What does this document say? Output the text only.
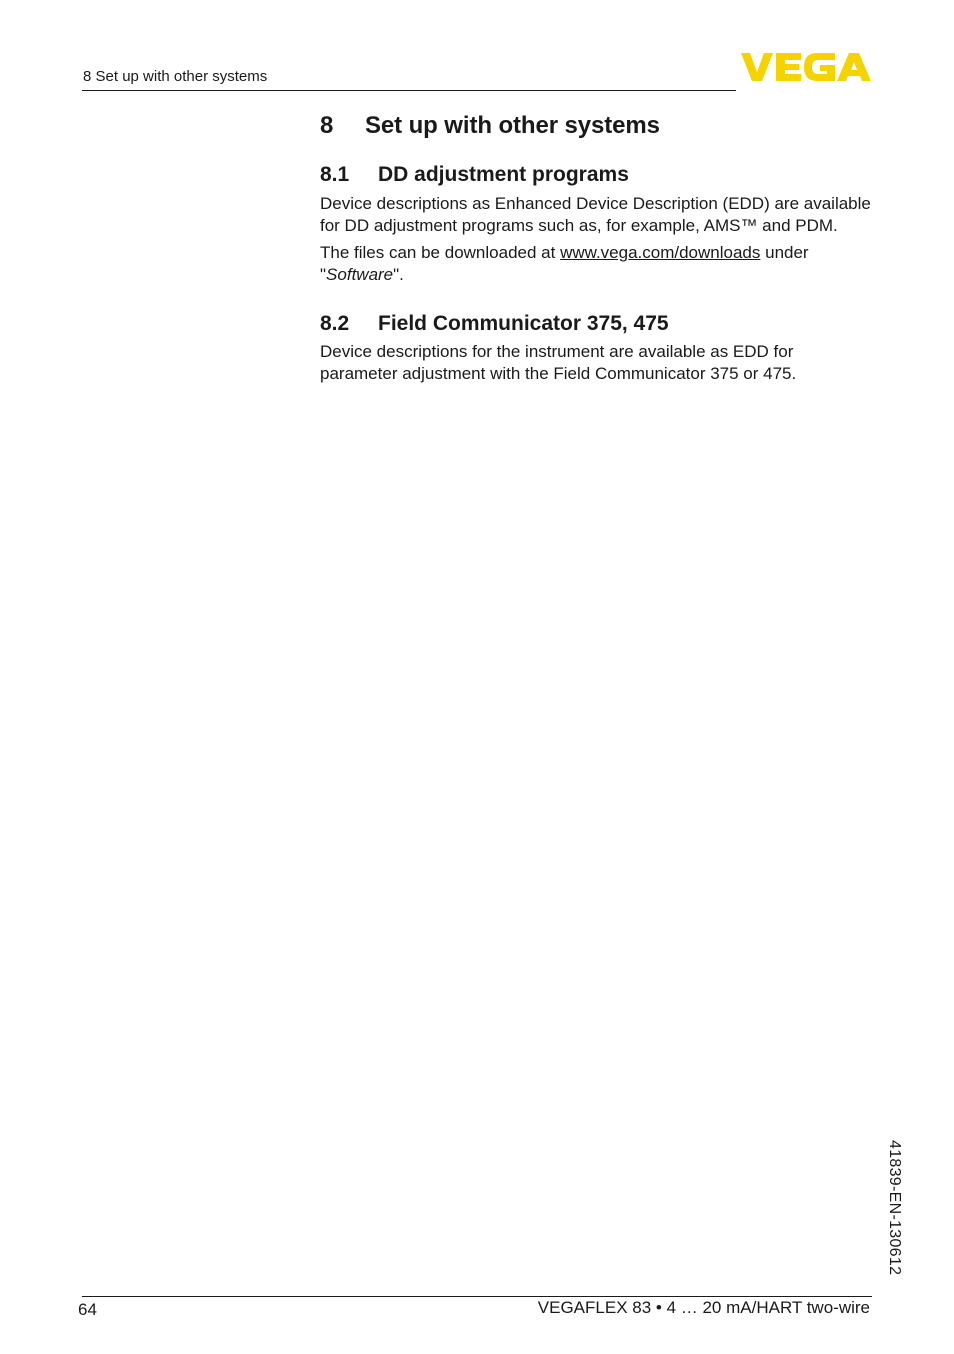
8 Set up with other systems
8 Set up with other systems
8.1 DD adjustment programs

Device descriptions as Enhanced Device Description (EDD) are available for DD adjustment programs such as, for example, AMS™ and PDM.

The files can be downloaded at www.vega.com/downloads under "Software".

8.2 Field Communicator 375, 475

Device descriptions for the instrument are available as EDD for parameter adjustment with the Field Communicator 375 or 475.

41839-EN-130612
64	VEGAFLEX 83 • 4 … 20 mA/HART two-wire
